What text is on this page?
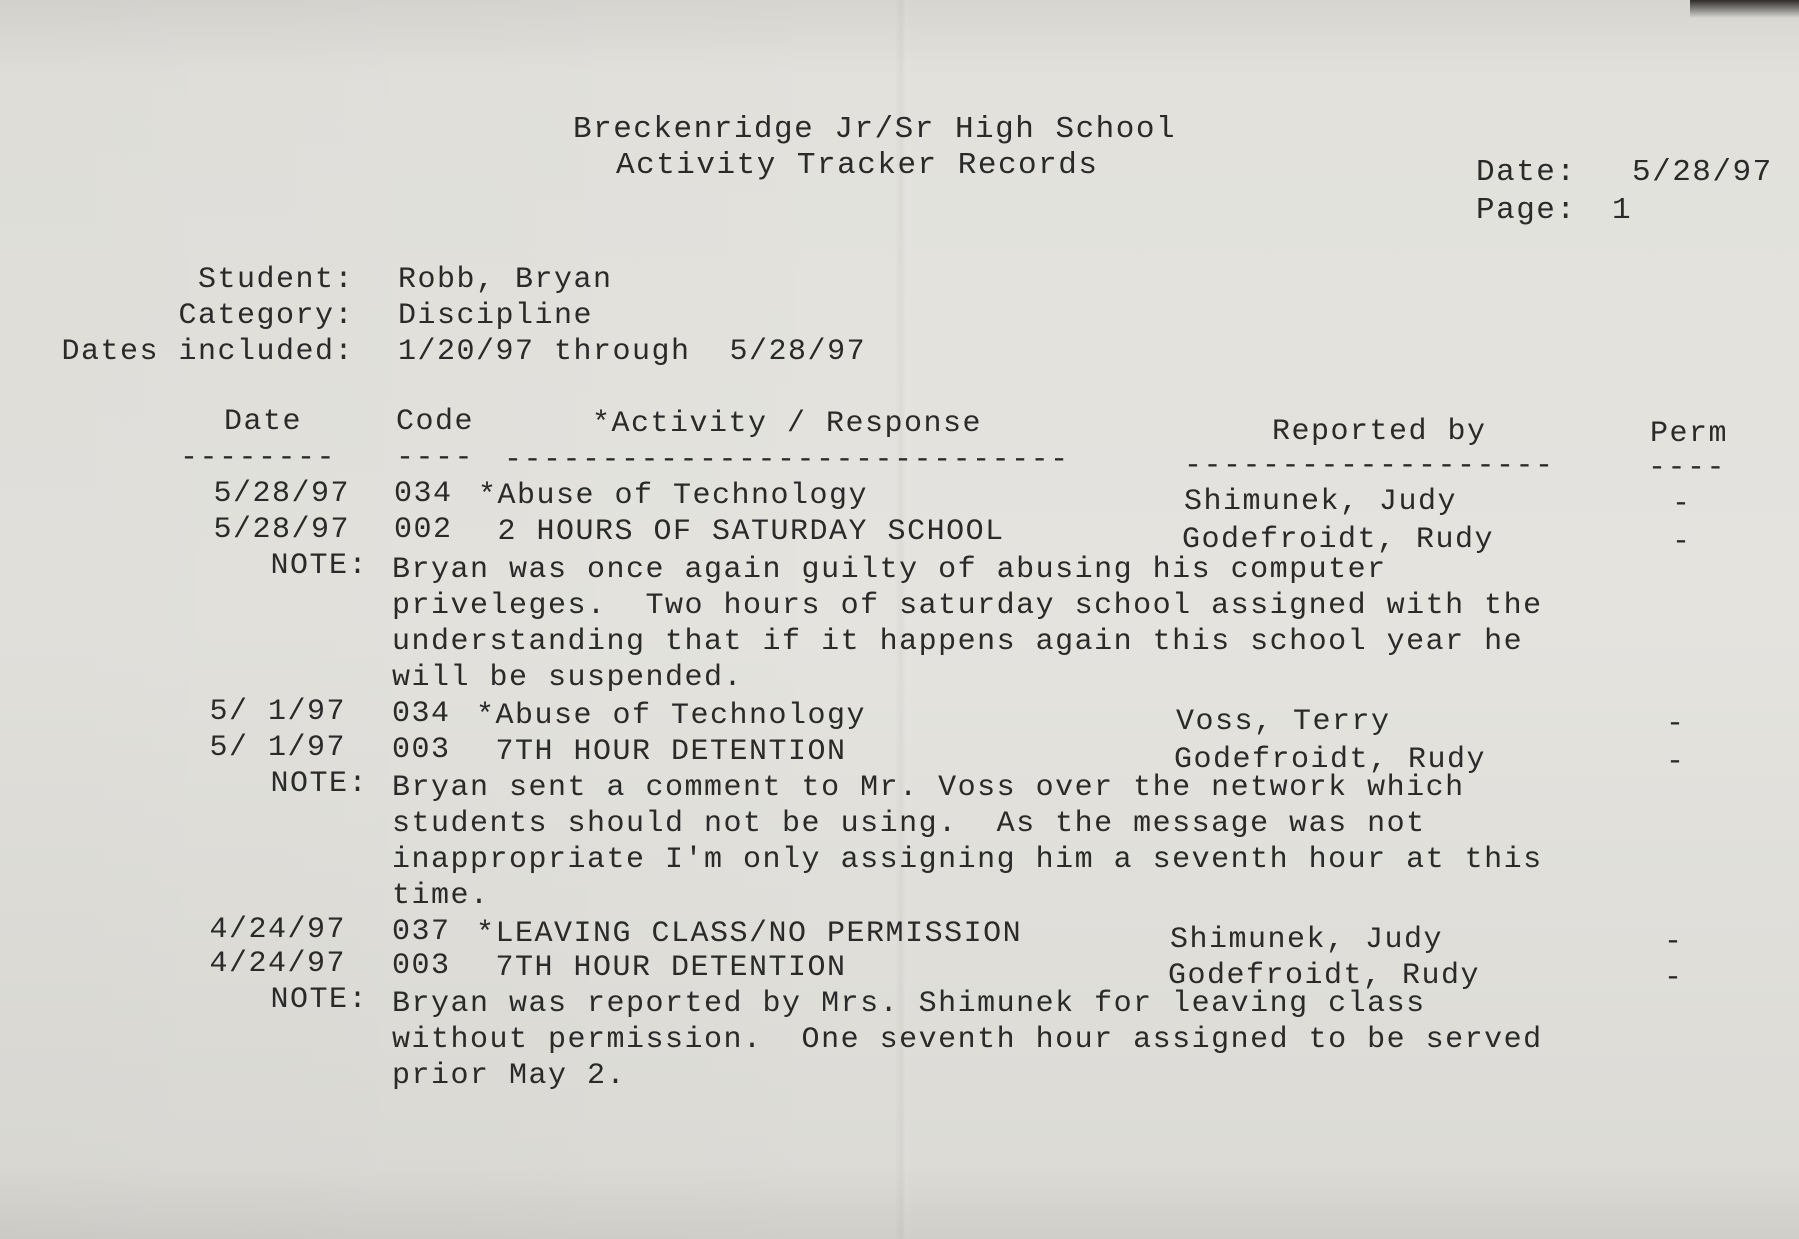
Breckenridge Jr/Sr High School
Activity Tracker Records	Date: 5/28/97
Page: 1
Student: Robb, Bryan
Category: Discipline
Dates included: 1/20/97 through  5/28/97
Date	Code	*Activity / Response	Reported by	Perm
-------- ---- -----------------------------	-------------------	----
5/28/97 034 *Abuse of Technology	Shimunek, Judy	-
5/28/97 002 2 HOURS OF SATURDAY SCHOOL	Godefroidt, Rudy	-
NOTE: Bryan was once again guilty of abusing his computer
priveleges.  Two hours of saturday school assigned with the
understanding that if it happens again this school year he
will be suspended.
5/ 1/97 034 *Abuse of Technology	Voss, Terry	-
5/ 1/97 003 7TH HOUR DETENTION	Godefroidt, Rudy	-
NOTE: Bryan sent a comment to Mr. Voss over the network which
students should not be using.  As the message was not
inappropriate I'm only assigning him a seventh hour at this
time.
4/24/97 037 *LEAVING CLASS/NO PERMISSION	Shimunek, Judy	-
4/24/97 003 7TH HOUR DETENTION	Godefroidt, Rudy	-
NOTE: Bryan was reported by Mrs. Shimunek for leaving class
without permission.  One seventh hour assigned to be served
prior May 2.
